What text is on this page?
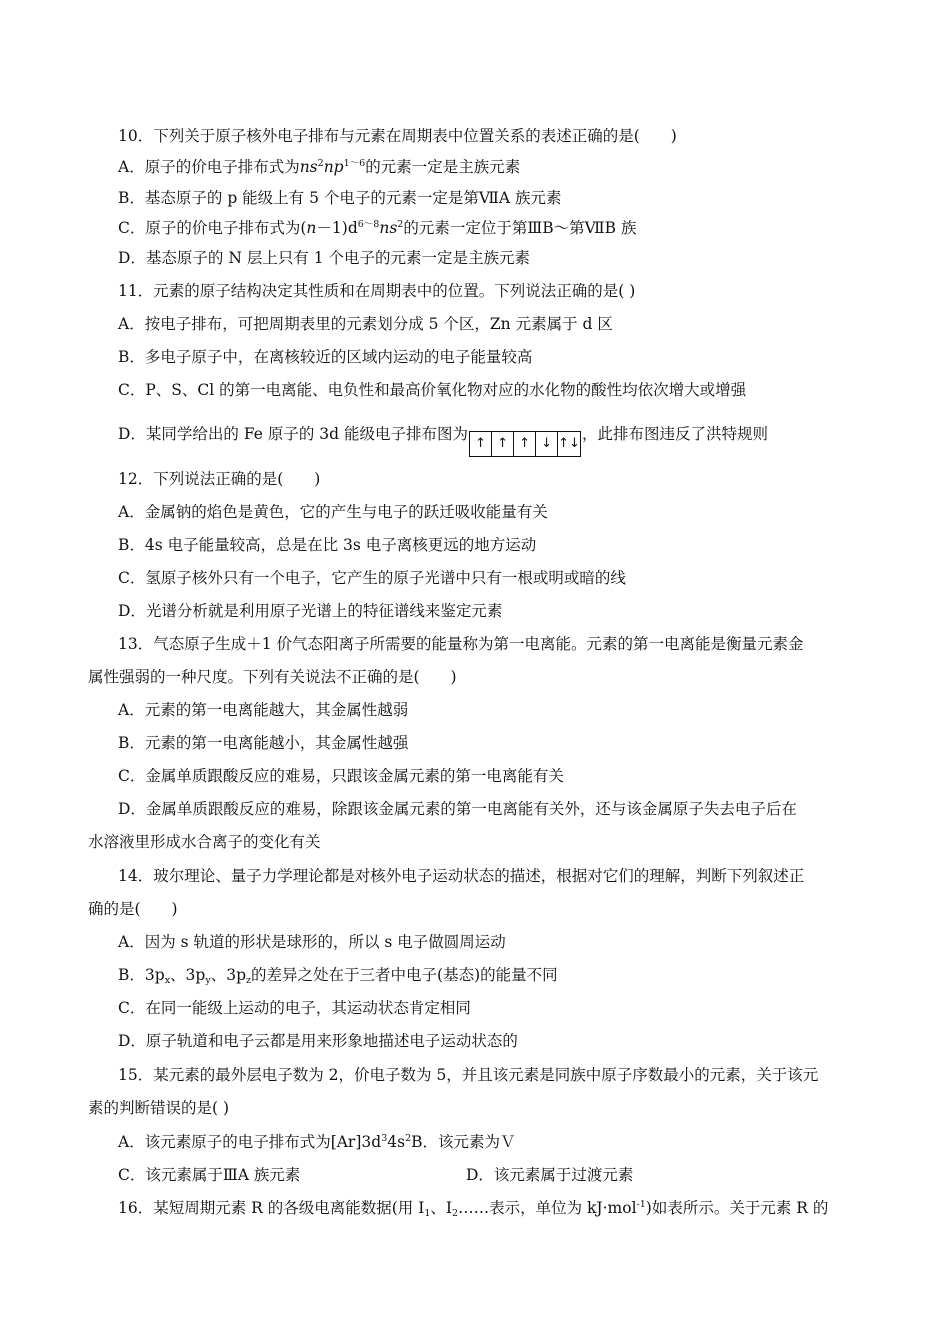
10．下列关于原子核外电子排布与元素在周期表中位置关系的表述正确的是(　　)
A．原子的价电子排布式为$ns^2np^{1\sim 6}$的元素一定是主族元素
B．基态原子的 p 能级上有 5 个电子的元素一定是第ⅦA 族元素
C．原子的价电子排布式为$(n-1)d^{6\sim 8}ns^2$的元素一定位于第ⅢB～第ⅦB 族
D．基态原子的 N 层上只有 1 个电子的元素一定是主族元素
11．元素的原子结构决定其性质和在周期表中的位置。下列说法正确的是( )
A．按电子排布，可把周期表里的元素划分成 5 个区，Zn 元素属于 d 区
B．多电子原子中，在离核较近的区域内运动的电子能量较高
C．P、S、Cl 的第一电离能、电负性和最高价氧化物对应的水化物的酸性均依次增大或增强
D．某同学给出的 Fe 原子的 3d 能级电子排布图为↑ ↑ ↑ ↓ ↑↓，此排布图违反了洪特规则
12．下列说法正确的是(　　)
A．金属钠的焰色是黄色，它的产生与电子的跃迁吸收能量有关
B．4s 电子能量较高，总是在比 3s 电子离核更远的地方运动
C．氢原子核外只有一个电子，它产生的原子光谱中只有一根或明或暗的线
D．光谱分析就是利用原子光谱上的特征谱线来鉴定元素
13．气态原子生成＋1 价气态阳离子所需要的能量称为第一电离能。元素的第一电离能是衡量元素金
属性强弱的一种尺度。下列有关说法不正确的是(　　)
A．元素的第一电离能越大，其金属性越弱
B．元素的第一电离能越小，其金属性越强
C．金属单质跟酸反应的难易，只跟该金属元素的第一电离能有关
D．金属单质跟酸反应的难易，除跟该金属元素的第一电离能有关外，还与该金属原子失去电子后在
水溶液里形成水合离子的变化有关
14．玻尔理论、量子力学理论都是对核外电子运动状态的描述，根据对它们的理解，判断下列叙述正
确的是(　　)
A．因为 s 轨道的形状是球形的，所以 s 电子做圆周运动
B．$3p_x$、$3p_y$、$3p_z$的差异之处在于三者中电子(基态)的能量不同
C．在同一能级上运动的电子，其运动状态肯定相同
D．原子轨道和电子云都是用来形象地描述电子运动状态的
15．某元素的最外层电子数为 2，价电子数为 5，并且该元素是同族中原子序数最小的元素，关于该元
素的判断错误的是( )
A．该元素原子的电子排布式为$[Ar]3d^34s^2B$．该元素为Ｖ
C．该元素属于ⅢA 族元素	D．该元素属于过渡元素
16．某短周期元素 R 的各级电离能数据(用 $I_1$、$I_2\dots\dots$表示，单位为 kJ·mol$^{-1}$)如表所示。关于元素 R 的
